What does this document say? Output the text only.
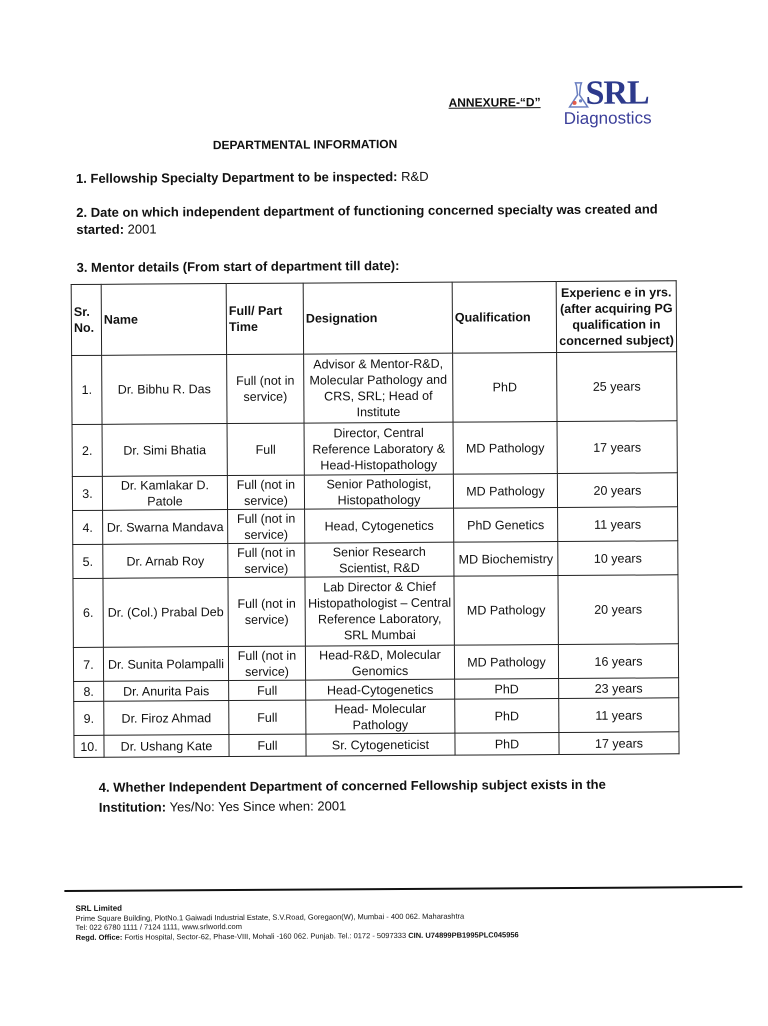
ANNEXURE-“D” SRL
Diagnostics
DEPARTMENTAL INFORMATION
1. Fellowship Specialty Department to be inspected: R&D
2. Date on which independent department of functioning concerned specialty was created and started: 2001
3. Mentor details (From start of department till date):
Sr. No.	Name	Full/ Part Time	Designation	Qualification	Experienc e in yrs. (after acquiring PG qualification in concerned subject)
1.	Dr. Bibhu R. Das	Full (not in service)	Advisor & Mentor-R&D, Molecular Pathology and CRS, SRL; Head of Institute	PhD	25 years
2.	Dr. Simi Bhatia	Full	Director, Central Reference Laboratory & Head-Histopathology	MD Pathology	17 years
3.	Dr. Kamlakar D. Patole	Full (not in service)	Senior Pathologist, Histopathology	MD Pathology	20 years
4.	Dr. Swarna Mandava	Full (not in service)	Head, Cytogenetics	PhD Genetics	11 years
5.	Dr. Arnab Roy	Full (not in service)	Senior Research Scientist, R&D	MD Biochemistry	10 years
6.	Dr. (Col.) Prabal Deb	Full (not in service)	Lab Director & Chief Histopathologist – Central Reference Laboratory, SRL Mumbai	MD Pathology	20 years
7.	Dr. Sunita Polampalli	Full (not in service)	Head-R&D, Molecular Genomics	MD Pathology	16 years
8.	Dr. Anurita Pais	Full	Head-Cytogenetics	PhD	23 years
9.	Dr. Firoz Ahmad	Full	Head- Molecular Pathology	PhD	11 years
10.	Dr. Ushang Kate	Full	Sr. Cytogeneticist	PhD	17 years
4. Whether Independent Department of concerned Fellowship subject exists in the Institution: Yes/No: Yes Since when: 2001
SRL Limited
Prime Square Building, PlotNo.1 Gaiwadi Industrial Estate, S.V.Road, Goregaon(W), Mumbai - 400 062. Maharashtra
Tel: 022 6780 1111 / 7124 1111, www.srlworld.com
Regd. Office: Fortis Hospital, Sector-62, Phase-VIII, Mohali -160 062. Punjab. Tel.: 0172 - 5097333 CIN. U74899PB1995PLC045956
